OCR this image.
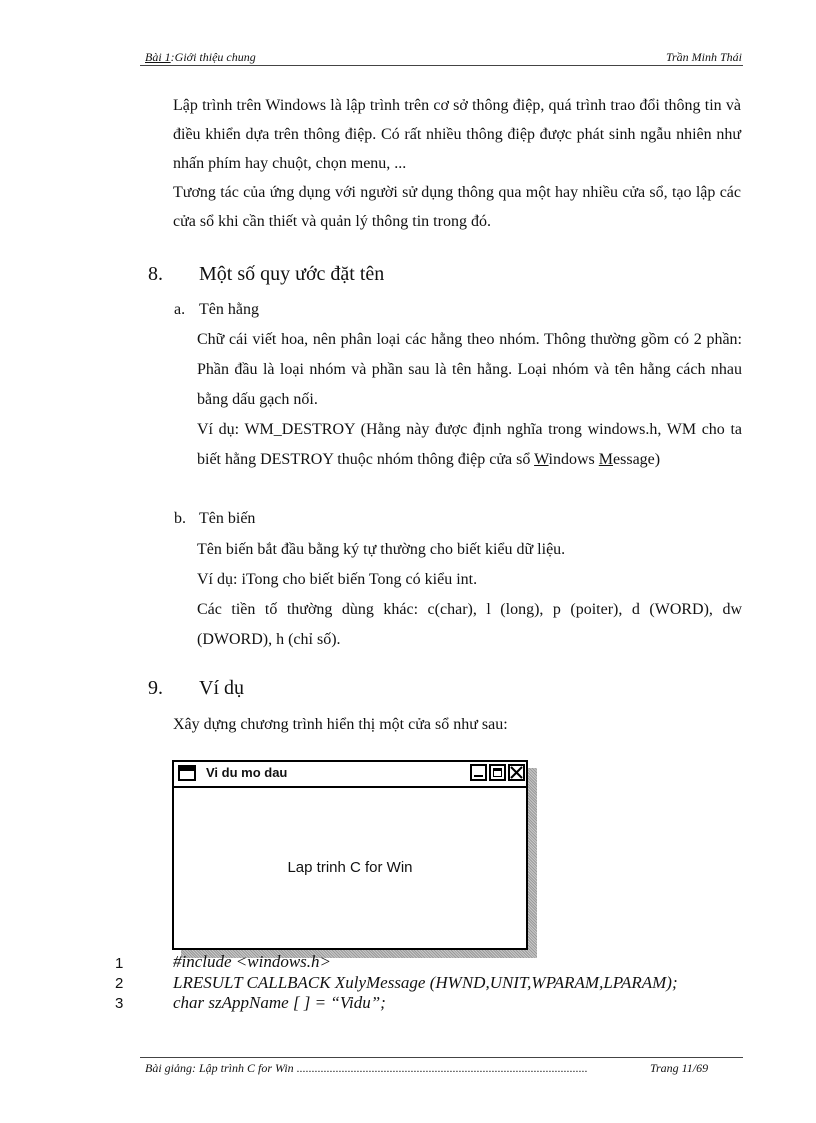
Bài 1:Giới thiệu chung	Trần Minh Thái

Lập trình trên Windows là lập trình trên cơ sở thông điệp, quá trình trao đổi thông tin và điều khiển dựa trên thông điệp. Có rất nhiều thông điệp được phát sinh ngẫu nhiên như nhấn phím hay chuột, chọn menu, ...

Tương tác của ứng dụng với người sử dụng thông qua một hay nhiều cửa sổ, tạo lập các cửa sổ khi cần thiết và quản lý thông tin trong đó.

8. Một số quy ước đặt tên
a. Tên hằng

Chữ cái viết hoa, nên phân loại các hằng theo nhóm. Thông thường gồm có 2 phần: Phần đầu là loại nhóm và phần sau là tên hằng. Loại nhóm và tên hằng cách nhau bằng dấu gạch nối.

Ví dụ: WM_DESTROY (Hằng này được định nghĩa trong windows.h, WM cho ta biết hằng DESTROY thuộc nhóm thông điệp cửa sổ Windows Message)

b. Tên biến

Tên biến bắt đầu bằng ký tự thường cho biết kiểu dữ liệu.

Ví dụ: iTong cho biết biến Tong có kiểu int.

Các tiền tố thường dùng khác: c(char), l (long), p (poiter), d (WORD), dw (DWORD), h (chỉ số).

9. Ví dụ
Xây dựng chương trình hiển thị một cửa sổ như sau:
Vi du mo dau
Lap trinh C for Win
1	#include <windows.h>
2	LRESULT CALLBACK XulyMessage (HWND,UNIT,WPARAM,LPARAM);
3	char szAppName [ ] = “Vidu”;
Bài giảng: Lập trình C for Win .................................................................................................	Trang 11/69
